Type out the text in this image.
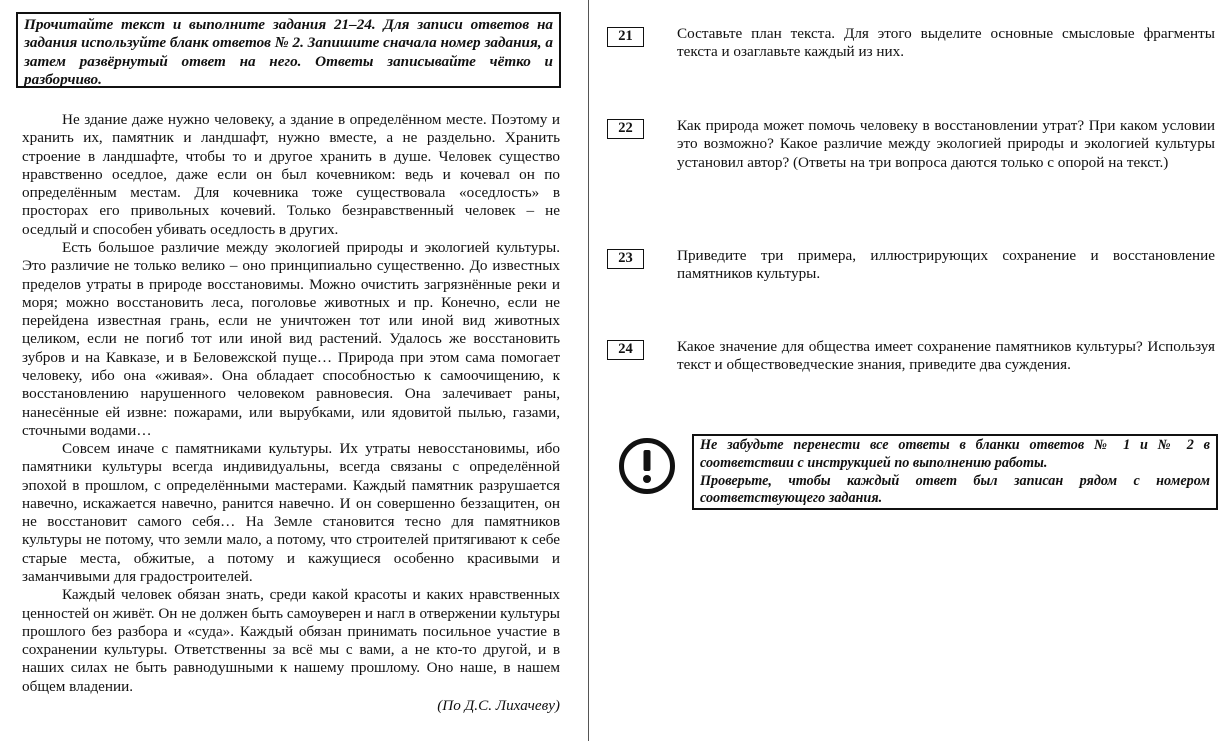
Прочитайте текст и выполните задания 21–24. Для записи ответов на задания используйте бланк ответов № 2. Запишите сначала номер задания, а затем развёрнутый ответ на него. Ответы записывайте чётко и разборчиво.

Не здание даже нужно человеку, а здание в определённом месте. Поэтому и хранить их, памятник и ландшафт, нужно вместе, а не раздельно. Хранить строение в ландшафте, чтобы то и другое хранить в душе. Человек существо нравственно оседлое, даже если он был кочевником: ведь и кочевал он по определённым местам. Для кочевника тоже существовала «оседлость» в просторах его привольных кочевий. Только безнравственный человек – не оседлый и способен убивать оседлость в других.

Есть большое различие между экологией природы и экологией культуры. Это различие не только велико – оно принципиально существенно. До известных пределов утраты в природе восстановимы. Можно очистить загрязнённые реки и моря; можно восстановить леса, поголовье животных и пр. Конечно, если не перейдена известная грань, если не уничтожен тот или иной вид животных целиком, если не погиб тот или иной вид растений. Удалось же восстановить зубров и на Кавказе, и в Беловежской пуще… Природа при этом сама помогает человеку, ибо она «живая». Она обладает способностью к самоочищению, к восстановлению нарушенного человеком равновесия. Она залечивает раны, нанесённые ей извне: пожарами, или вырубками, или ядовитой пылью, газами, сточными водами…

Совсем иначе с памятниками культуры. Их утраты невосстановимы, ибо памятники культуры всегда индивидуальны, всегда связаны с определённой эпохой в прошлом, с определёнными мастерами. Каждый памятник разрушается навечно, искажается навечно, ранится навечно. И он совершенно беззащитен, он не восстановит самого себя… На Земле становится тесно для памятников культуры не потому, что земли мало, а потому, что строителей притягивают к себе старые места, обжитые, а потому и кажущиеся особенно красивыми и заманчивыми для градостроителей.

Каждый человек обязан знать, среди какой красоты и каких нравственных ценностей он живёт. Он не должен быть самоуверен и нагл в отвержении культуры прошлого без разбора и «суда». Каждый обязан принимать посильное участие в сохранении культуры. Ответственны за всё мы с вами, а не кто-то другой, и в наших силах не быть равнодушными к нашему прошлому. Оно наше, в нашем общем владении.

(По Д.С. Лихачеву)

21	Составьте план текста. Для этого выделите основные смысловые фрагменты текста и озаглавьте каждый из них.
22	Как природа может помочь человеку в восстановлении утрат? При каком условии это возможно? Какое различие между экологией природы и экологией культуры установил автор? (Ответы на три вопроса даются только с опорой на текст.)
23	Приведите три примера, иллюстрирующих сохранение и восстановление памятников культуры.
24	Какое значение для общества имеет сохранение памятников культуры? Используя текст и обществоведческие знания, приведите два суждения.
Не забудьте перенести все ответы в бланки ответов № 1 и № 2 в соответствии с инструкцией по выполнению работы.
Проверьте, чтобы каждый ответ был записан рядом с номером соответствующего задания.
